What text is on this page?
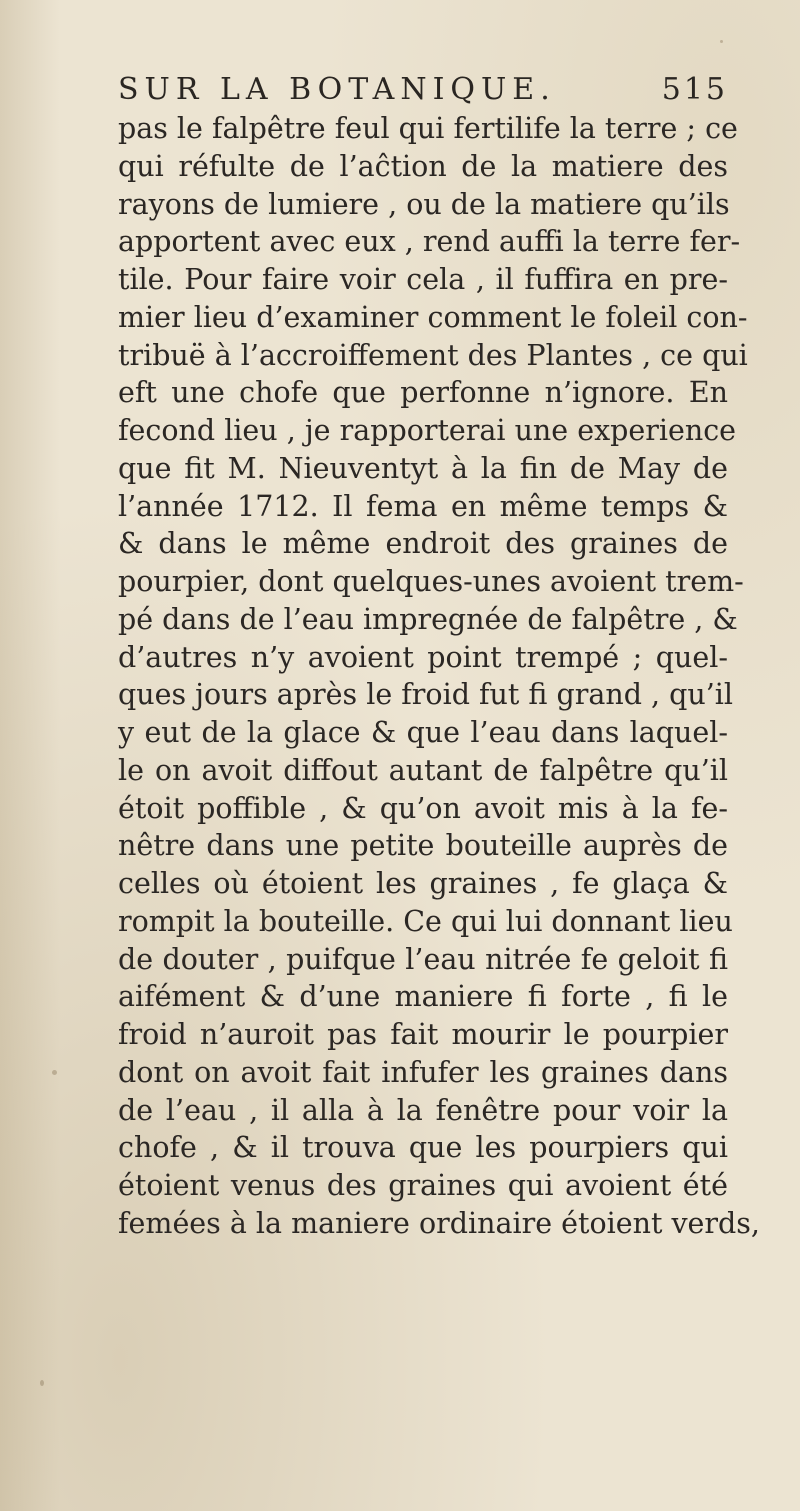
SUR LA BOTANIQUE.	515
pas le falpêtre feul qui fertilife la terre ; ce
qui réfulte de l’aĉtion de la matiere des
rayons de lumiere , ou de la matiere qu’ils
apportent avec eux , rend auffi la terre fer-
tile. Pour faire voir cela , il fuffira en pre-
mier lieu d’examiner comment le foleil con-
tribuë à l’accroiffement des Plantes , ce qui
eft une chofe que perfonne n’ignore. En
fecond lieu , je rapporterai une experience
que fit M. Nieuventyt à la fin de May de
l’année 1712. Il fema en même temps &
& dans le même endroit des graines de
pourpier, dont quelques-unes avoient trem-
pé dans de l’eau impregnée de falpêtre , &
d’autres n’y avoient point trempé ; quel-
ques jours après le froid fut fi grand , qu’il
y eut de la glace & que l’eau dans laquel-
le on avoit diffout autant de falpêtre qu’il
étoit poffible , & qu’on avoit mis à la fe-
nêtre dans une petite bouteille auprès de
celles où étoient les graines , fe glaça &
rompit la bouteille. Ce qui lui donnant lieu
de douter , puifque l’eau nitrée fe geloit fi
aifément & d’une maniere fi forte , fi le
froid n’auroit pas fait mourir le pourpier
dont on avoit fait infufer les graines dans
de l’eau , il alla à la fenêtre pour voir la
chofe , & il trouva que les pourpiers qui
étoient venus des graines qui avoient été
femées à la maniere ordinaire étoient verds,
